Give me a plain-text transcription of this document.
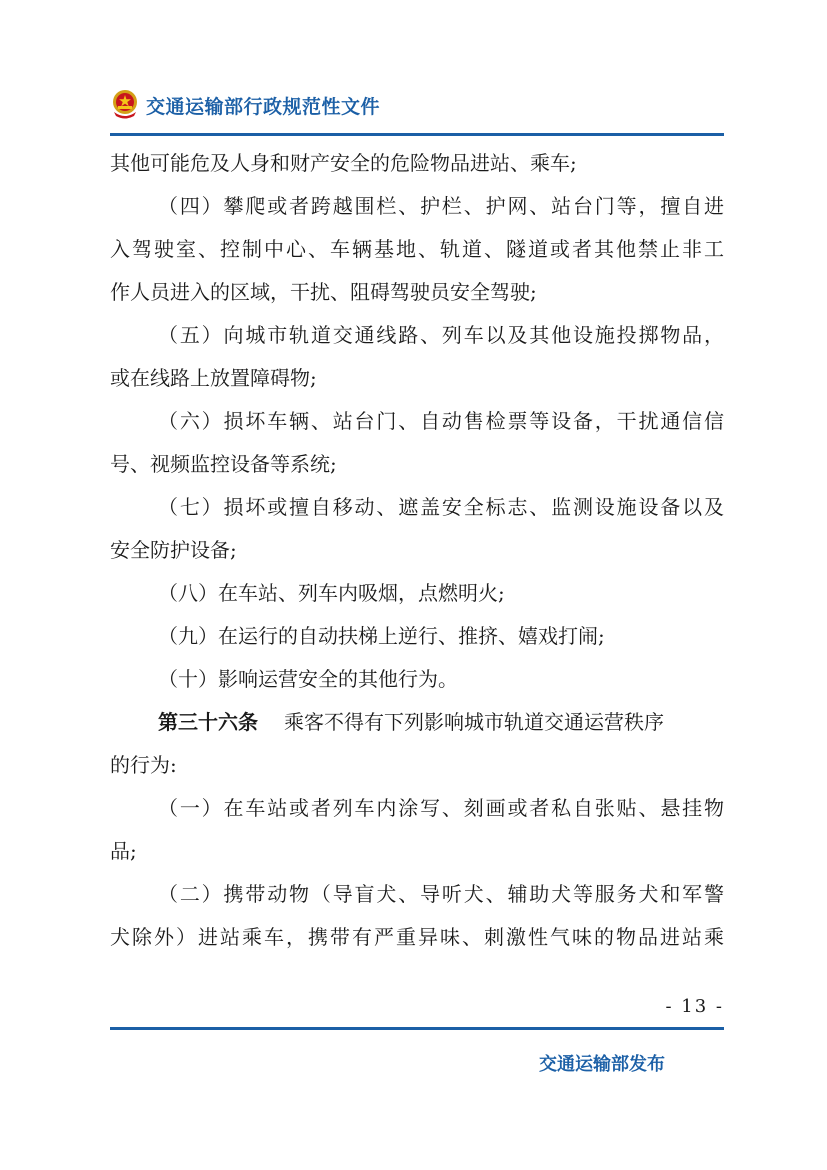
交通运输部行政规范性文件
其他可能危及人身和财产安全的危险物品进站、乘车;
（四）攀爬或者跨越围栏、护栏、护网、站台门等，擅自进
入驾驶室、控制中心、车辆基地、轨道、隧道或者其他禁止非工
作人员进入的区域，干扰、阻碍驾驶员安全驾驶;
（五）向城市轨道交通线路、列车以及其他设施投掷物品，
或在线路上放置障碍物;
（六）损坏车辆、站台门、自动售检票等设备，干扰通信信
号、视频监控设备等系统;
（七）损坏或擅自移动、遮盖安全标志、监测设施设备以及
安全防护设备;
（八）在车站、列车内吸烟，点燃明火;
（九）在运行的自动扶梯上逆行、推挤、嬉戏打闹;
（十）影响运营安全的其他行为。
第三十六条 乘客不得有下列影响城市轨道交通运营秩序
的行为:
（一）在车站或者列车内涂写、刻画或者私自张贴、悬挂物
品;
（二）携带动物（导盲犬、导听犬、辅助犬等服务犬和军警
犬除外）进站乘车，携带有严重异味、刺激性气味的物品进站乘
- 13 -
交通运输部发布
